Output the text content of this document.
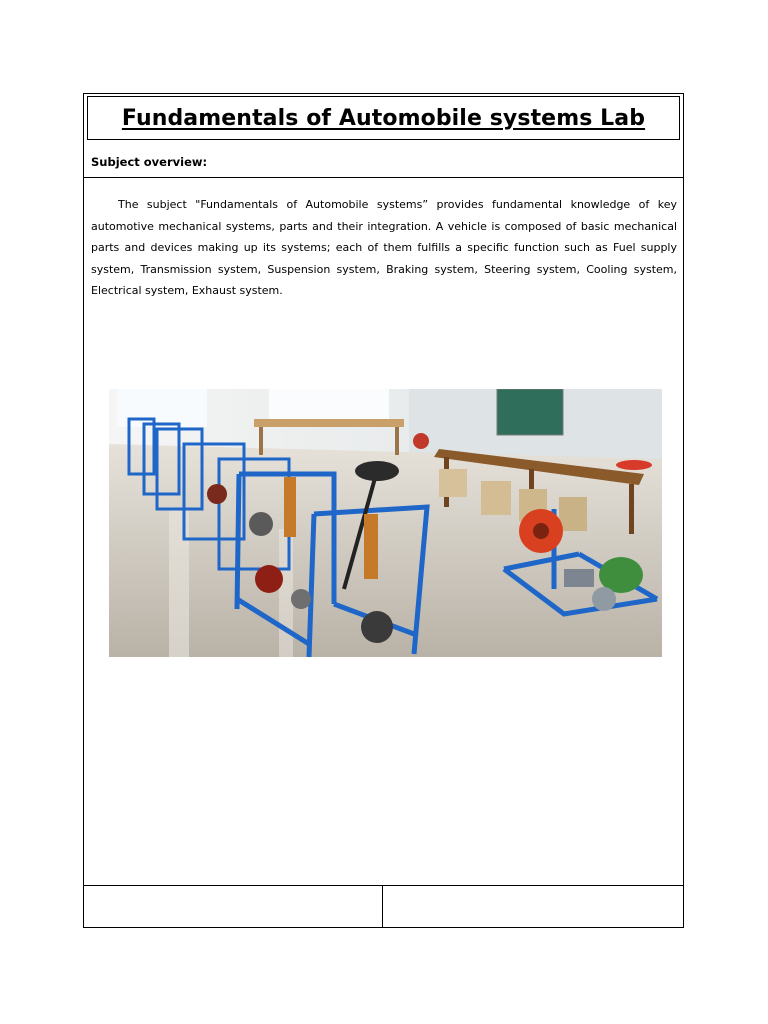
Fundamentals of Automobile systems Lab
Subject overview:

The subject "Fundamentals of Automobile systems” provides fundamental knowledge of key automotive mechanical systems, parts and their integration. A vehicle is composed of basic mechanical parts and devices making up its systems; each of them fulfills a specific function such as Fuel supply system, Transmission system, Suspension system, Braking system, Steering system, Cooling system, Electrical system, Exhaust system.
